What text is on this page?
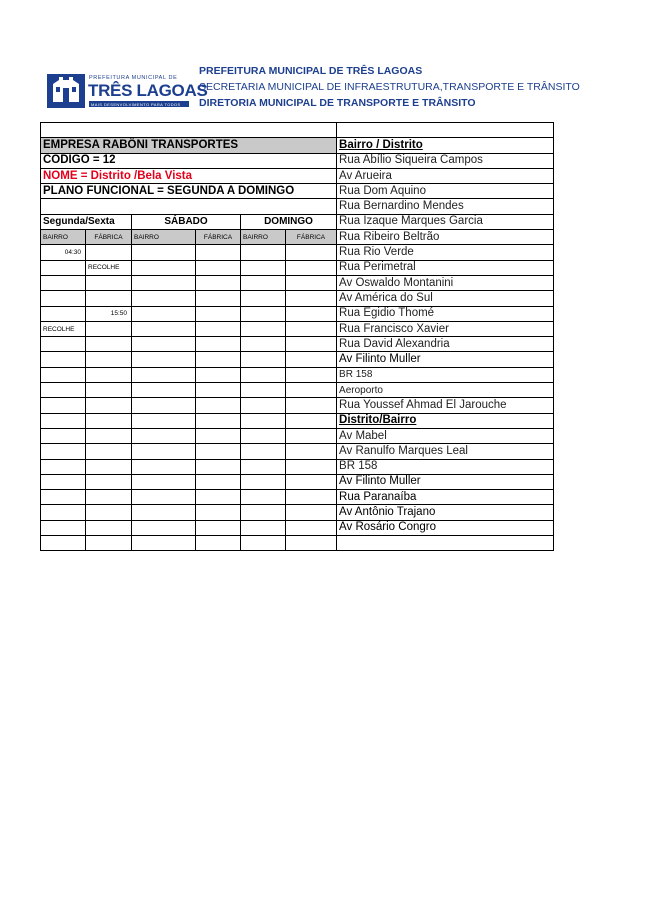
PREFEITURA MUNICIPAL DE
TRÊS LAGOAS
MAIS DESENVOLVIMENTO PARA TODOS
PREFEITURA MUNICIPAL DE TRÊS LAGOAS
SECRETARIA MUNICIPAL DE INFRAESTRUTURA,TRANSPORTE E TRÂNSITO
DIRETORIA MUNICIPAL DE TRANSPORTE E TRÂNSITO

EMPRESA RABÔNI TRANSPORTES						Bairro / Distrito
CODIGO = 12						Rua Abílio Siqueira Campos
NOME = Distrito /Bela Vista						Av Arueira
PLANO FUNCIONAL = SEGUNDA A DOMINGO						Rua Dom Aquino
						Rua Bernardino Mendes
Segunda/Sexta		SÁBADO		DOMINGO		Rua Izaque Marques Garcia
BAIRRO	FÁBRICA	BAIRRO	FÁBRICA	BAIRRO	FÁBRICA	Rua Ribeiro Beltrão
04:30						Rua Rio Verde
	RECOLHE					Rua Perimetral
						Av Oswaldo Montanini
						Av América do Sul
	15:50					Rua Egidio Thomé
RECOLHE						Rua Francisco Xavier
						Rua David Alexandria
						Av Filinto Muller
						BR 158
						Aeroporto
						Rua Youssef Ahmad El Jarouche
						Distrito/Bairro
						Av Mabel
						Av Ranulfo Marques Leal
						BR 158
						Av Filinto Muller
						Rua Paranaíba
						Av Antônio Trajano
						Av Rosário Congro
